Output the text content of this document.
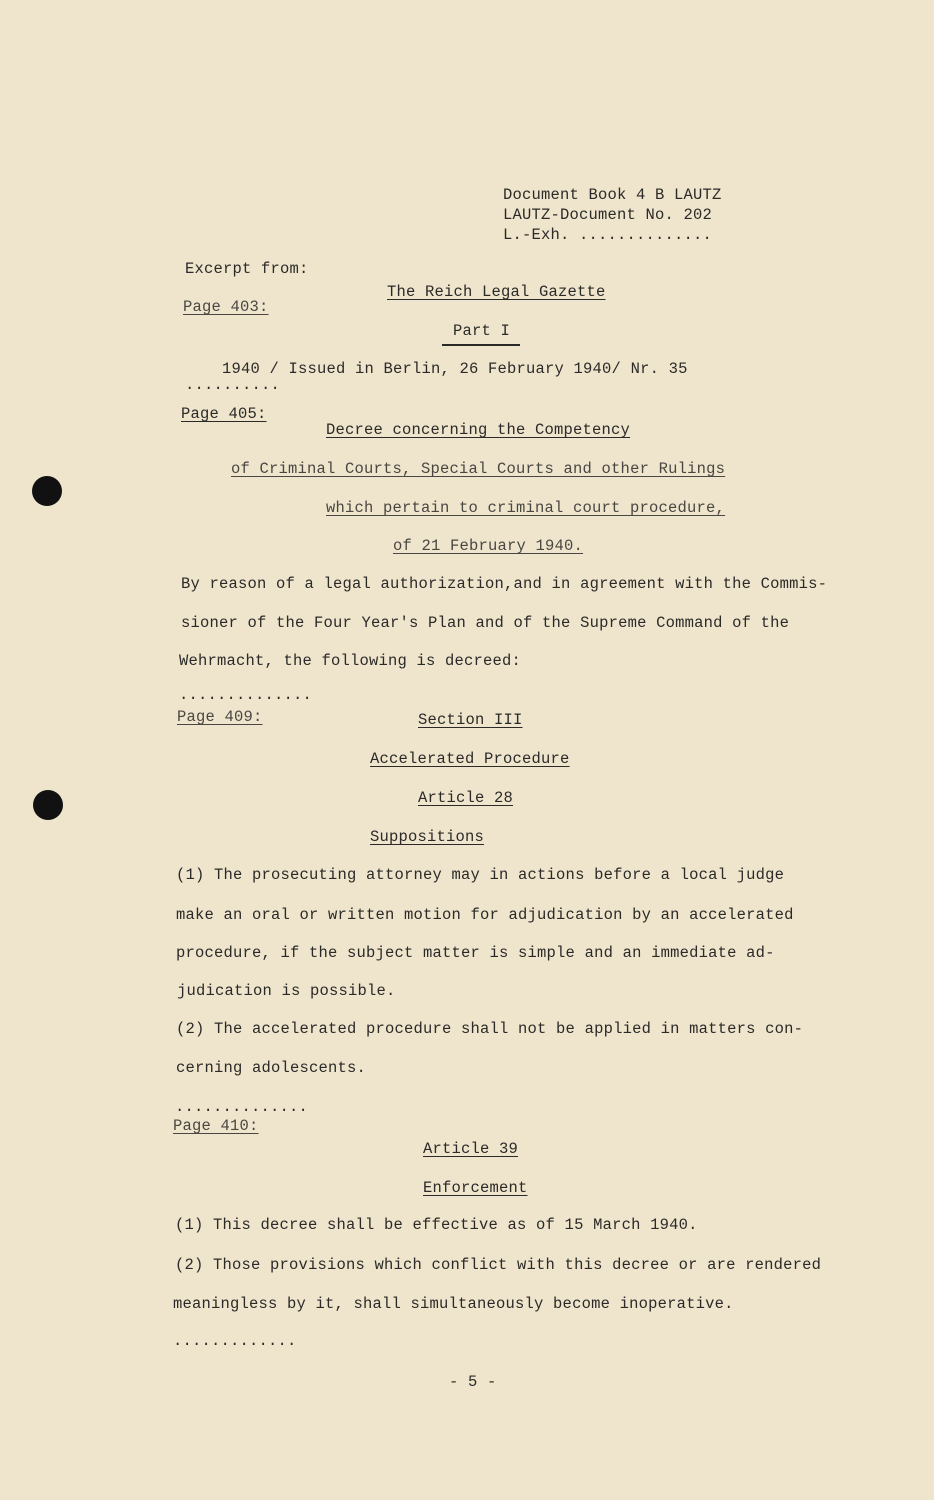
Document Book 4 B LAUTZ
LAUTZ-Document No. 202
L.-Exh. ..............
Excerpt from:
The Reich Legal Gazette
Page 403:
Part I
1940 / Issued in Berlin, 26 February 1940/ Nr. 35
..........
Page 405:
Decree concerning the Competency
of Criminal Courts, Special Courts and other Rulings
which pertain to criminal court procedure,
of 21 February 1940.
By reason of a legal authorization,and in agreement with the Commis-
sioner of the Four Year's Plan and of the Supreme Command of the
Wehrmacht, the following is decreed:
..............
Page 409:	Section III
Accelerated Procedure
Article 28
Suppositions
(1) The prosecuting attorney may in actions before a local judge
make an oral or written motion for adjudication by an accelerated
procedure, if the subject matter is simple and an immediate ad-
judication is possible.
(2) The accelerated procedure shall not be applied in matters con-
cerning adolescents.
..............
Page 410:
Article 39
Enforcement
(1) This decree shall be effective as of 15 March 1940.
(2) Those provisions which conflict with this decree or are rendered
meaningless by it, shall simultaneously become inoperative.
.............
- 5 -
